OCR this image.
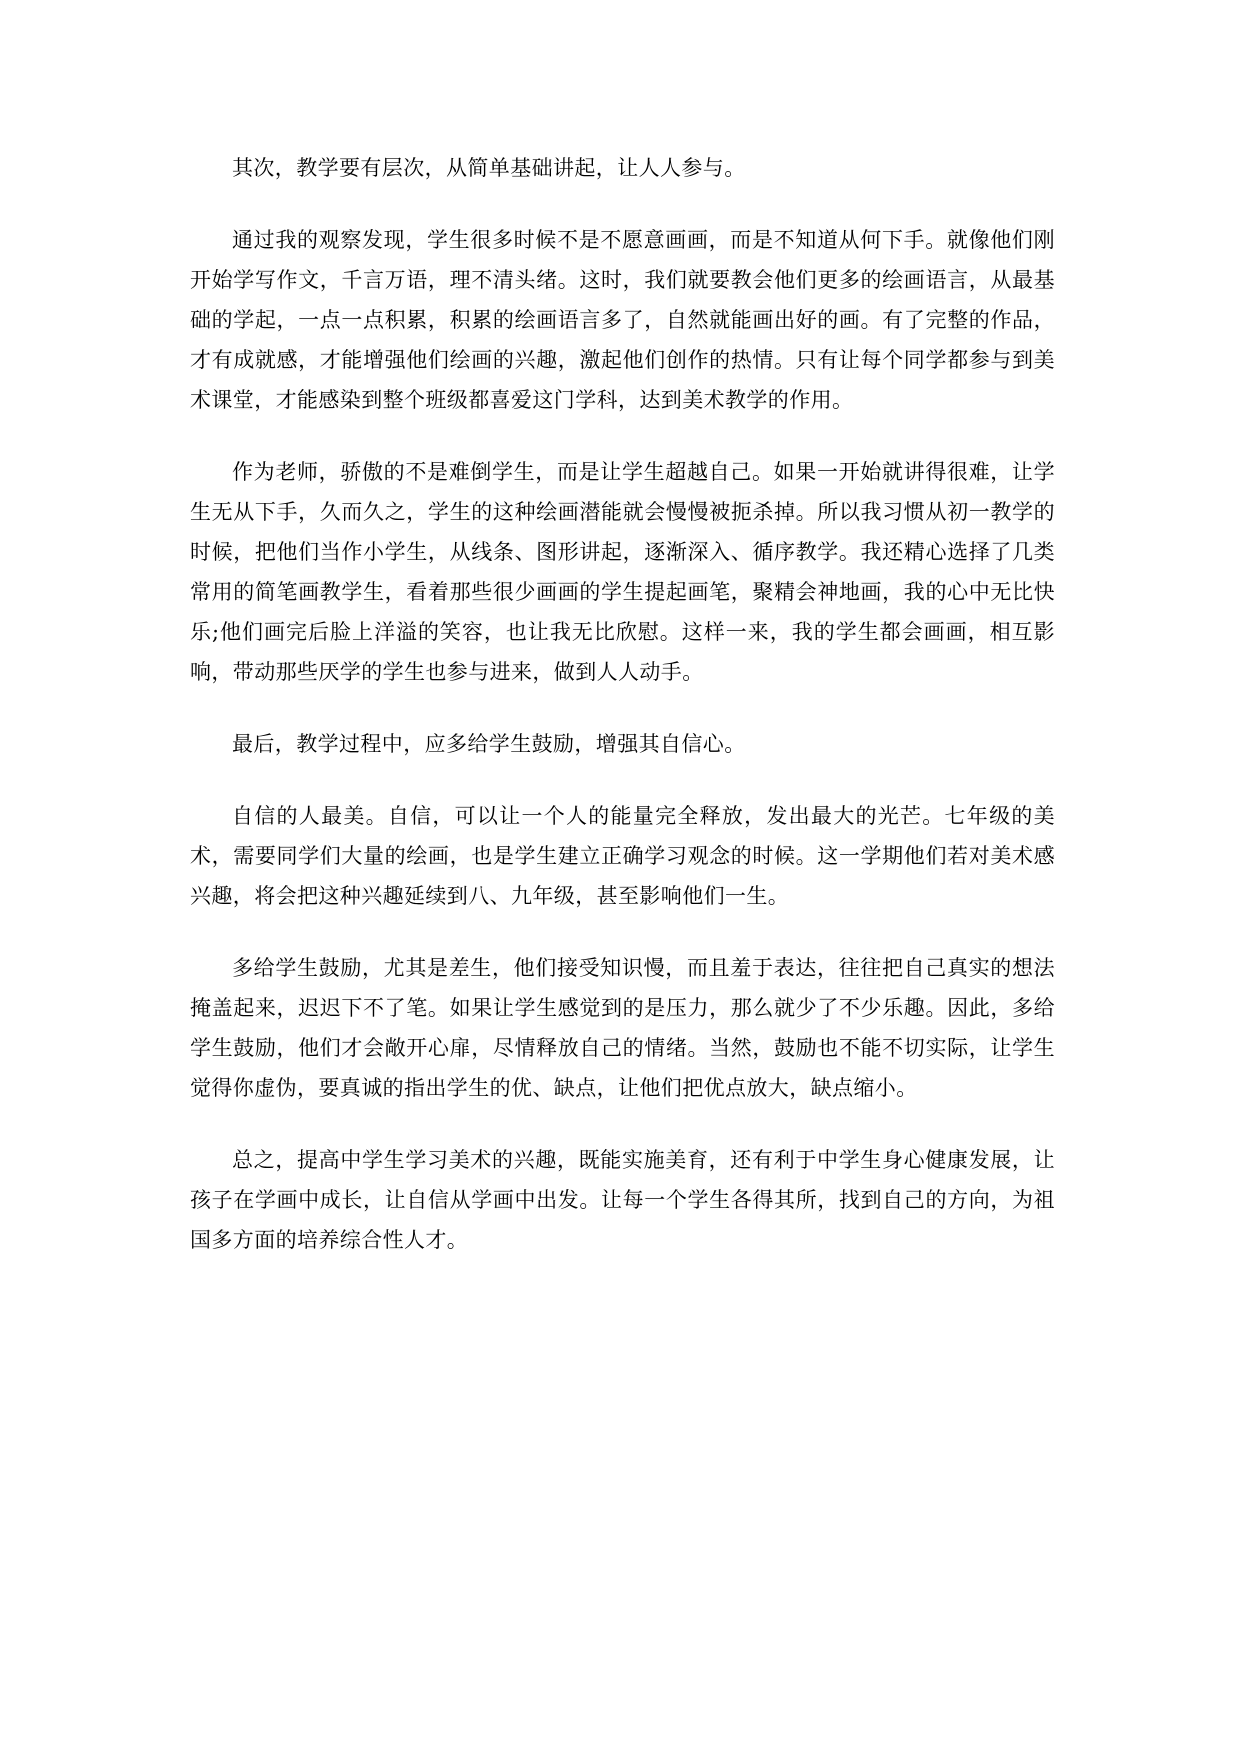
其次，教学要有层次，从简单基础讲起，让人人参与。

通过我的观察发现，学生很多时候不是不愿意画画，而是不知道从何下手。就像他们刚开始学写作文，千言万语，理不清头绪。这时，我们就要教会他们更多的绘画语言，从最基础的学起，一点一点积累，积累的绘画语言多了，自然就能画出好的画。有了完整的作品，才有成就感，才能增强他们绘画的兴趣，激起他们创作的热情。只有让每个同学都参与到美术课堂，才能感染到整个班级都喜爱这门学科，达到美术教学的作用。

作为老师，骄傲的不是难倒学生，而是让学生超越自己。如果一开始就讲得很难，让学生无从下手，久而久之，学生的这种绘画潜能就会慢慢被扼杀掉。所以我习惯从初一教学的时候，把他们当作小学生，从线条、图形讲起，逐渐深入、循序教学。我还精心选择了几类常用的简笔画教学生，看着那些很少画画的学生提起画笔，聚精会神地画，我的心中无比快乐;他们画完后脸上洋溢的笑容，也让我无比欣慰。这样一来，我的学生都会画画，相互影响，带动那些厌学的学生也参与进来，做到人人动手。

最后，教学过程中，应多给学生鼓励，增强其自信心。

自信的人最美。自信，可以让一个人的能量完全释放，发出最大的光芒。七年级的美术，需要同学们大量的绘画，也是学生建立正确学习观念的时候。这一学期他们若对美术感兴趣，将会把这种兴趣延续到八、九年级，甚至影响他们一生。

多给学生鼓励，尤其是差生，他们接受知识慢，而且羞于表达，往往把自己真实的想法掩盖起来，迟迟下不了笔。如果让学生感觉到的是压力，那么就少了不少乐趣。因此，多给学生鼓励，他们才会敞开心扉，尽情释放自己的情绪。当然，鼓励也不能不切实际，让学生觉得你虚伪，要真诚的指出学生的优、缺点，让他们把优点放大，缺点缩小。

总之，提高中学生学习美术的兴趣，既能实施美育，还有利于中学生身心健康发展，让孩子在学画中成长，让自信从学画中出发。让每一个学生各得其所，找到自己的方向，为祖国多方面的培养综合性人才。
